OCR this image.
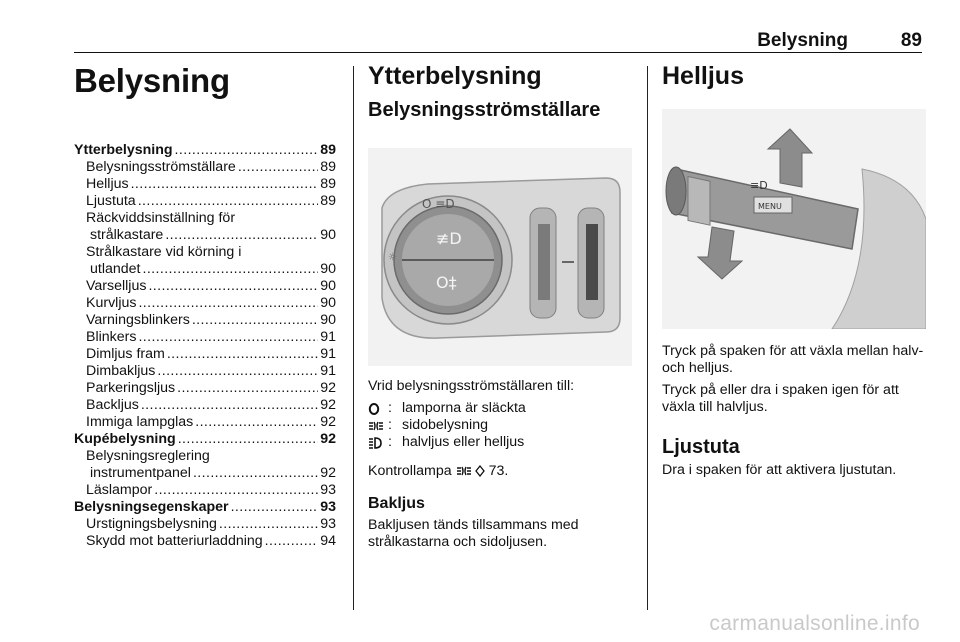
Belysning	89
Belysning
Ytterbelysning .....	89
Belysningsströmställare .....	89
Helljus .....	89
Ljustuta .....	89
Räckviddsinställning för
strålkastare .....	90
Strålkastare vid körning i
utlandet .....	90
Varselljus .....	90
Kurvljus .....	90
Varningsblinkers .....	90
Blinkers .....	91
Dimljus fram .....	91
Dimbakljus .....	91
Parkeringsljus .....	92
Backljus .....	92
Immiga lampglas .....	92
Kupébelysning .....	92
Belysningsreglering
instrumentpanel .....	92
Läslampor .....	93
Belysningsegenskaper .....	93
Urstigningsbelysning .....	93
Skydd mot batteriurladdning .....	94
Ytterbelysning
Belysningsströmställare
≢D
O‡
O ≡D
☼
Vrid belysningsströmställaren till:
: lamporna är släckta
: sidobelysning
: halvljus eller helljus
Kontrollampa	73.
Bakljus
Bakljusen tänds tillsammans med strålkastarna och sidoljusen.
Helljus
MENU
≡D
Tryck på spaken för att växla mellan halv- och helljus.
Tryck på eller dra i spaken igen för att växla till halvljus.
Ljustuta
Dra i spaken för att aktivera ljustutan.
carmanualsonline.info
